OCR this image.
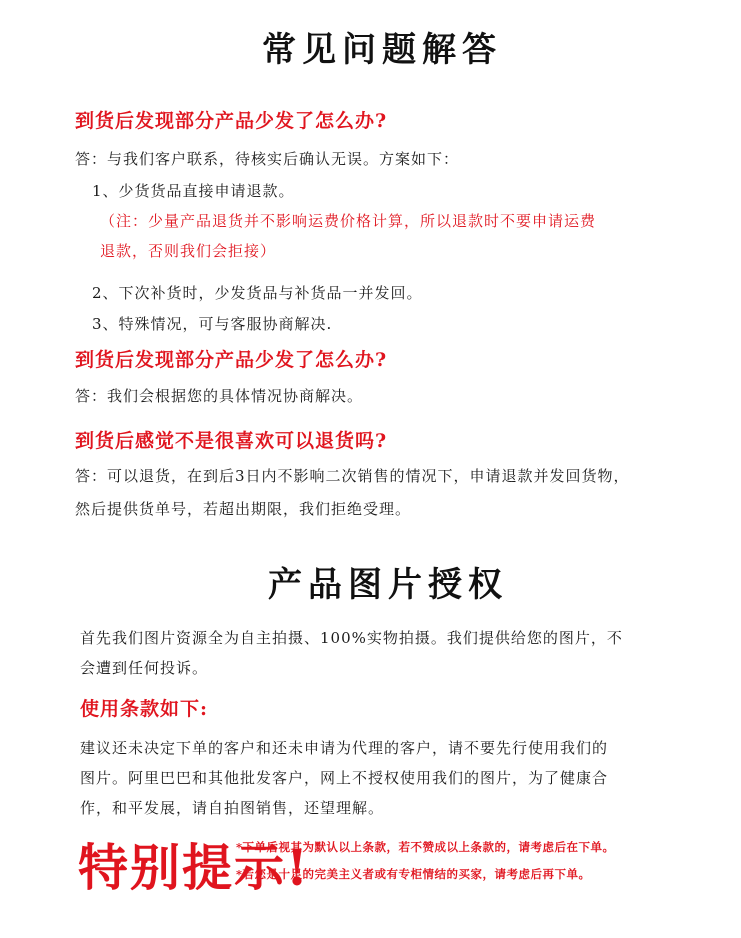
常见问题解答
到货后发现部分产品少发了怎么办?
答：与我们客户联系，待核实后确认无误。方案如下：
1、少货货品直接申请退款。
（注：少量产品退货并不影响运费价格计算，所以退款时不要申请运费
退款，否则我们会拒接）
2、下次补货时，少发货品与补货品一并发回。
3、特殊情况，可与客服协商解决.
到货后发现部分产品少发了怎么办?
答：我们会根据您的具体情况协商解决。
到货后感觉不是很喜欢可以退货吗?
答：可以退货，在到后3日内不影响二次销售的情况下，申请退款并发回货物，
然后提供货单号，若超出期限，我们拒绝受理。
产品图片授权
首先我们图片资源全为自主拍摄、100%实物拍摄。我们提供给您的图片，不
会遭到任何投诉。
使用条款如下:
建议还未决定下单的客户和还未申请为代理的客户，请不要先行使用我们的
图片。阿里巴巴和其他批发客户，网上不授权使用我们的图片，为了健康合
作，和平发展，请自拍图销售，还望理解。
特别提示!
*下单后视其为默认以上条款，若不赞成以上条款的，请考虑后在下单。
*若您是十足的完美主义者或有专柜情结的买家，请考虑后再下单。
